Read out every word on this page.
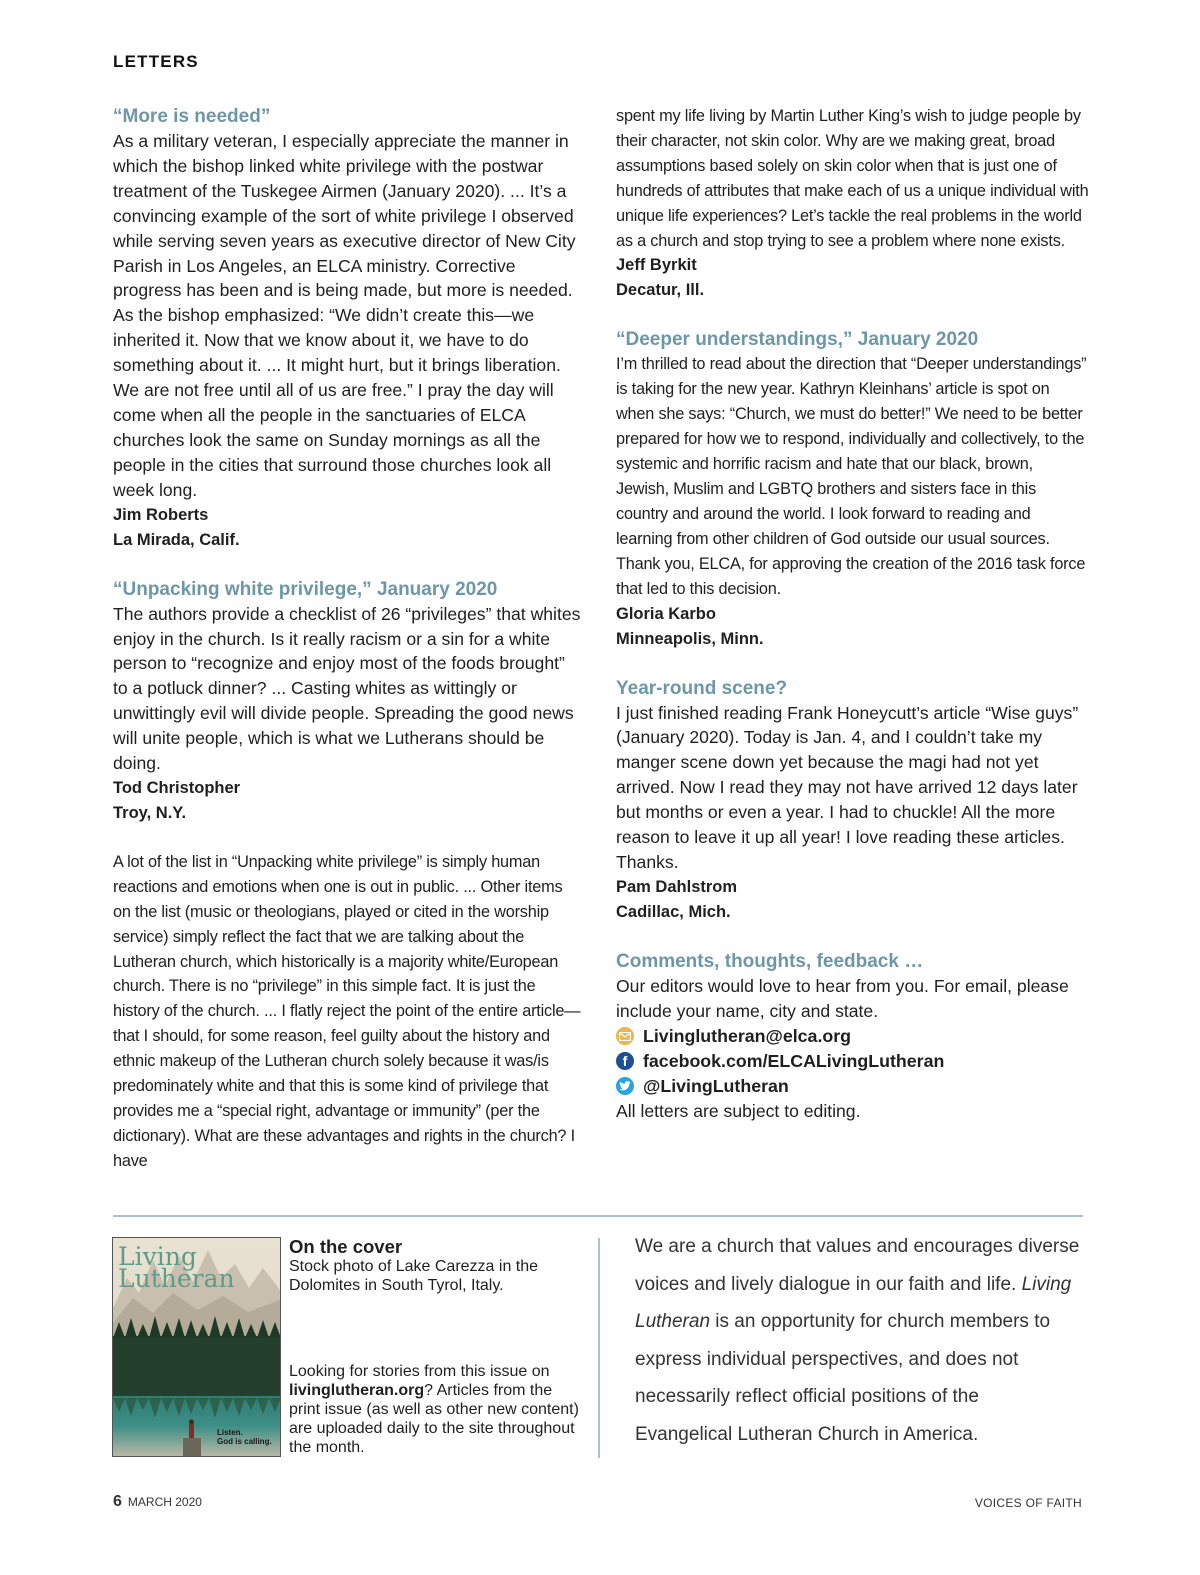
LETTERS

“More is needed”

As a military veteran, I especially appreciate the manner in which the bishop linked white privilege with the postwar treatment of the Tuskegee Airmen (January 2020). ... It’s a convincing example of the sort of white privilege I observed while serving seven years as executive director of New City Parish in Los Angeles, an ELCA ministry. Corrective progress has been and is being made, but more is needed. As the bishop emphasized: “We didn’t create this—we inherited it. Now that we know about it, we have to do something about it. ... It might hurt, but it brings liberation. We are not free until all of us are free.” I pray the day will come when all the people in the sanctuaries of ELCA churches look the same on Sunday mornings as all the people in the cities that surround those churches look all week long.

Jim Roberts

La Mirada, Calif.

“Unpacking white privilege,” January 2020

The authors provide a checklist of 26 “privileges” that whites enjoy in the church. Is it really racism or a sin for a white person to “recognize and enjoy most of the foods brought” to a potluck dinner? ... Casting whites as wittingly or unwittingly evil will divide people. Spreading the good news will unite people, which is what we Lutherans should be doing.

Tod Christopher

Troy, N.Y.

A lot of the list in “Unpacking white privilege” is simply human reactions and emotions when one is out in public. ... Other items on the list (music or theologians, played or cited in the worship service) simply reflect the fact that we are talking about the Lutheran church, which historically is a majority white/European church. There is no “privilege” in this simple fact. It is just the history of the church. ... I flatly reject the point of the entire article—that I should, for some reason, feel guilty about the history and ethnic makeup of the Lutheran church solely because it was/is predominately white and that this is some kind of privilege that provides me a “special right, advantage or immunity” (per the dictionary). What are these advantages and rights in the church? I have

spent my life living by Martin Luther King’s wish to judge people by their character, not skin color. Why are we making great, broad assumptions based solely on skin color when that is just one of hundreds of attributes that make each of us a unique individual with unique life experiences? Let’s tackle the real problems in the world as a church and stop trying to see a problem where none exists.

Jeff Byrkit

Decatur, Ill.

“Deeper understandings,” January 2020

I’m thrilled to read about the direction that “Deeper understandings” is taking for the new year. Kathryn Kleinhans’ article is spot on when she says: “Church, we must do better!” We need to be better prepared for how we to respond, individually and collectively, to the systemic and horrific racism and hate that our black, brown, Jewish, Muslim and LGBTQ brothers and sisters face in this country and around the world. I look forward to reading and learning from other children of God outside our usual sources. Thank you, ELCA, for approving the creation of the 2016 task force that led to this decision.

Gloria Karbo

Minneapolis, Minn.

Year-round scene?

I just finished reading Frank Honeycutt’s article “Wise guys” (January 2020). Today is Jan. 4, and I couldn’t take my manger scene down yet because the magi had not yet arrived. Now I read they may not have arrived 12 days later but months or even a year. I had to chuckle! All the more reason to leave it up all year! I love reading these articles. Thanks.

Pam Dahlstrom

Cadillac, Mich.

Comments, thoughts, feedback …

Our editors would love to hear from you. For email, please include your name, city and state.

Livinglutheran@elca.org
f facebook.com/ELCALivingLutheran
@LivingLutheran

All letters are subject to editing.

Living
Lutheran
Listen.
God is calling.

On the cover

Stock photo of Lake Carezza in the Dolomites in South Tyrol, Italy.

Looking for stories from this issue on livinglutheran.org? Articles from the print issue (as well as other new content) are uploaded daily to the site throughout the month.

We are a church that values and encourages diverse voices and lively dialogue in our faith and life. Living Lutheran is an opportunity for church members to express individual perspectives, and does not necessarily reflect official positions of the Evangelical Lutheran Church in America.
6 MARCH 2020	VOICES OF FAITH
